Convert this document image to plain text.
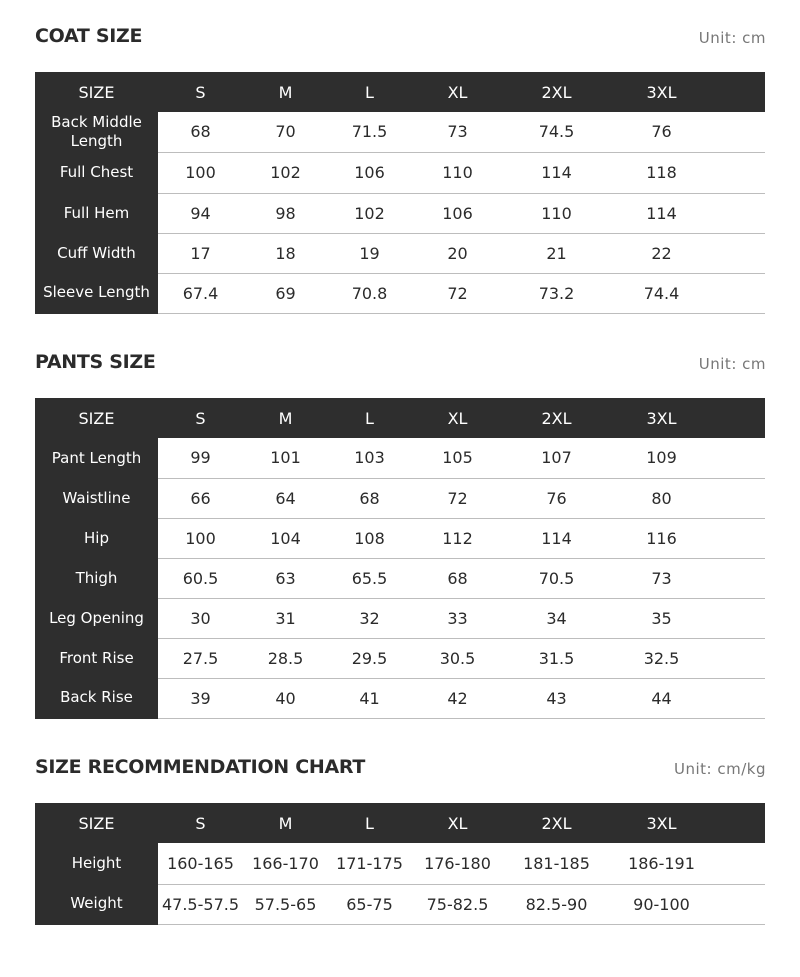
COAT SIZE	Unit: cm
SIZE	S	M	L	XL	2XL	3XL	
Back Middle Length	68	70	71.5	73	74.5	76	
Full Chest	100	102	106	110	114	118	
Full Hem	94	98	102	106	110	114	
Cuff Width	17	18	19	20	21	22	
Sleeve Length	67.4	69	70.8	72	73.2	74.4	
PANTS SIZE	Unit: cm
SIZE	S	M	L	XL	2XL	3XL	
Pant Length	99	101	103	105	107	109	
Waistline	66	64	68	72	76	80	
Hip	100	104	108	112	114	116	
Thigh	60.5	63	65.5	68	70.5	73	
Leg Opening	30	31	32	33	34	35	
Front Rise	27.5	28.5	29.5	30.5	31.5	32.5	
Back Rise	39	40	41	42	43	44	
SIZE RECOMMENDATION CHART	Unit: cm/kg
SIZE	S	M	L	XL	2XL	3XL	
Height	160-165	166-170	171-175	176-180	181-185	186-191	
Weight	47.5-57.5	57.5-65	65-75	75-82.5	82.5-90	90-100	
